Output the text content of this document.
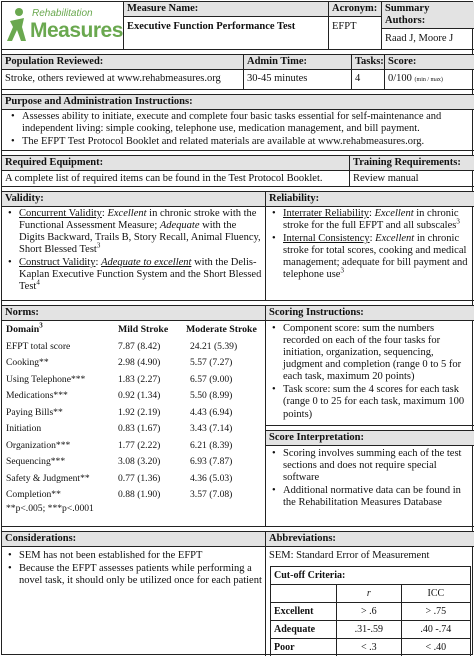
Rehabilitation
Measures
Measure Name:
Executive Function Performance Test
Acronym:
EFPT
Summary Authors:
Raad J, Moore J
Population Reviewed:
Stroke, others reviewed at www.rehabmeasures.org
Admin Time:
30-45 minutes
Tasks:
4
Score:
0/100 (min / max)
Purpose and Administration Instructions:
• Assesses ability to initiate, execute and complete four basic tasks essential for self-maintenance and independent living: simple cooking, telephone use, medication management, and bill payment.
• The EFPT Test Protocol Booklet and related materials are available at www.rehabmeasures.org.
Required Equipment:
A complete list of required items can be found in the Test Protocol Booklet.
Training Requirements:
Review manual
Validity:
• Concurrent Validity: Excellent in chronic stroke with the Functional Assessment Measure; Adequate with the Digits Backward, Trails B, Story Recall, Animal Fluency, Short Blessed Test$^3$
• Construct Validity: Adequate to excellent with the Delis-Kaplan Executive Function System and the Short Blessed Test$^4$
Reliability:
• Interrater Reliability: Excellent in chronic stroke for the full EFPT and all subscales$^3$
• Internal Consistency: Excellent in chronic stroke for total scores, cooking and medical management; adequate for bill payment and telephone use$^3$
Norms:
Domain$^3$	Mild Stroke	Moderate Stroke
EFPT total score	7.87 (8.42)	24.21 (5.39)
Cooking**	2.98 (4.90)	5.57 (7.27)
Using Telephone***	1.83 (2.27)	6.57 (9.00)
Medications***	0.92 (1.34)	5.50 (8.99)
Paying Bills**	1.92 (2.19)	4.43 (6.94)
Initiation	0.83 (1.67)	3.43 (7.14)
Organization***	1.77 (2.22)	6.21 (8.39)
Sequencing***	3.08 (3.20)	6.93 (7.87)
Safety & Judgment**	0.77 (1.36)	4.36 (5.03)
Completion**	0.88 (1.90)	3.57 (7.08)
**p<.005; ***p<.0001
Scoring Instructions:
• Component score: sum the numbers recorded on each of the four tasks for initiation, organization, sequencing, judgment and completion (range 0 to 5 for each task, maximum 20 points)
• Task score: sum the 4 scores for each task (range 0 to 25 for each task, maximum 100 points)
Score Interpretation:
• Scoring involves summing each of the test sections and does not require special software
• Additional normative data can be found in the Rehabilitation Measures Database
Considerations:
• SEM has not been established for the EFPT
• Because the EFPT assesses patients while performing a novel task, it should only be utilized once for each patient
Abbreviations:
SEM: Standard Error of Measurement
Cut-off Criteria:		
	r	ICC
Excellent	> .6	> .75
Adequate	.31-.59	.40 -.74
Poor	< .3	< .40
